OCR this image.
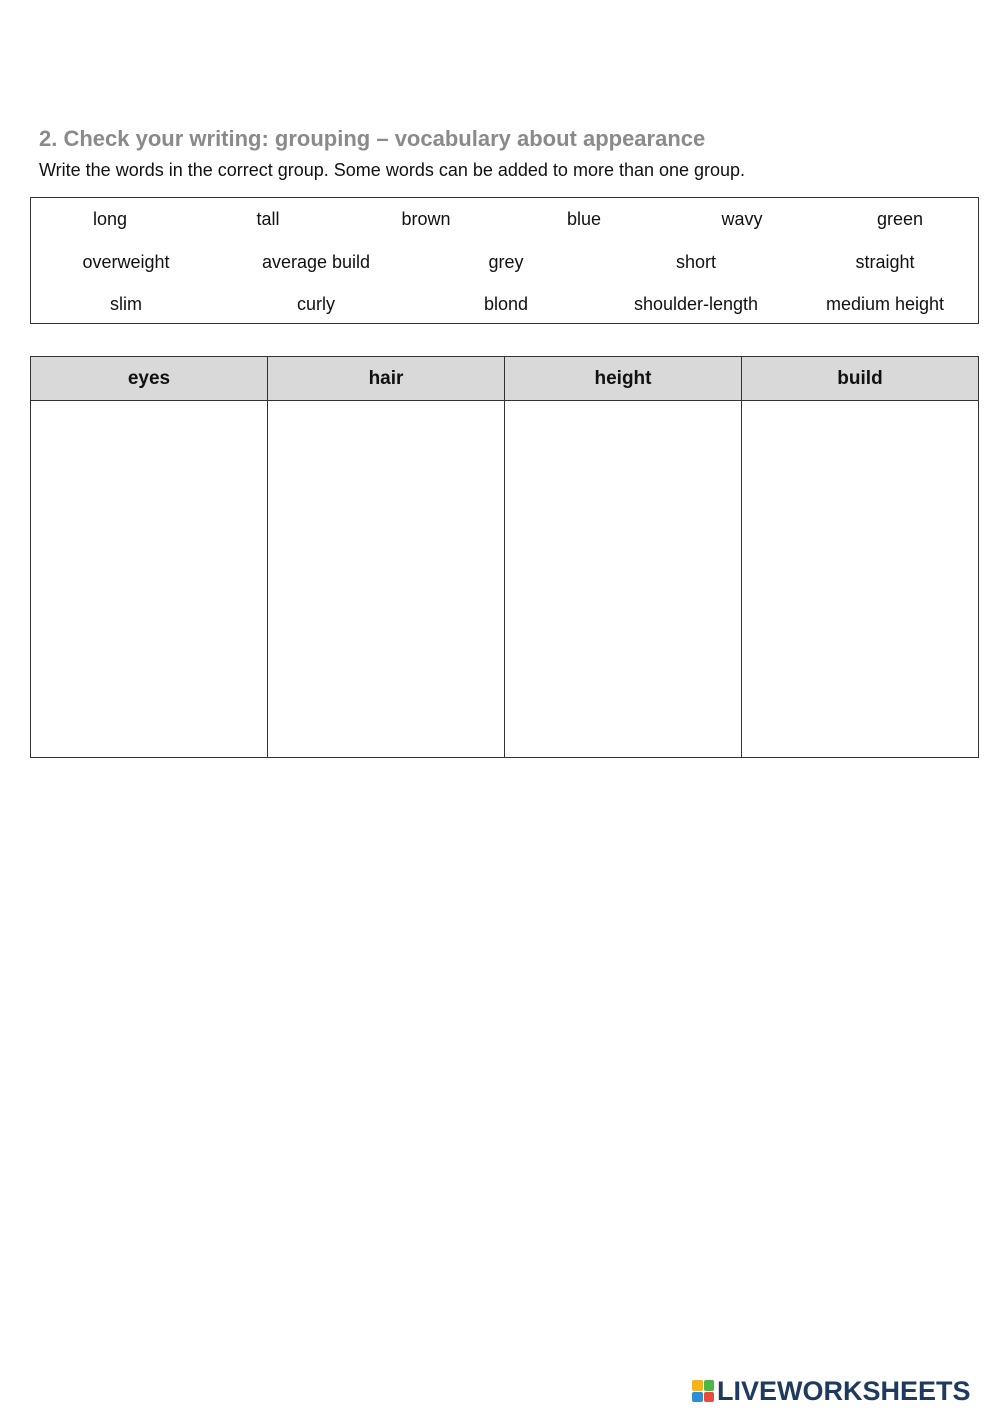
2. Check your writing: grouping – vocabulary about appearance
Write the words in the correct group. Some words can be added to more than one group.
long	tall	brown	blue	wavy	green
overweight	average build	grey	short	straight
slim	curly	blond	shoulder-length	medium height
eyes	hair	height	build

LIVEWORKSHEETS
